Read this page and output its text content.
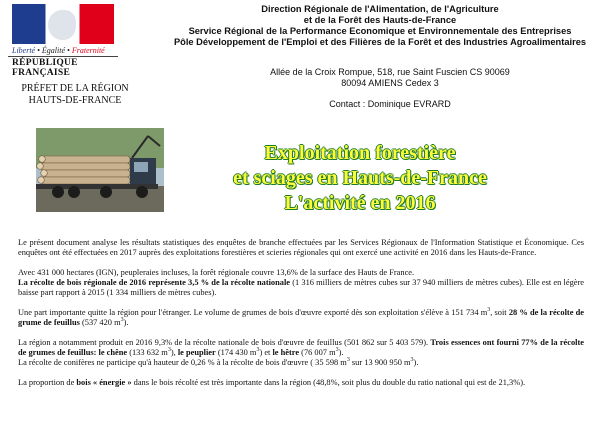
Liberté • Égalité • Fraternité
RÉPUBLIQUE FRANÇAISE
PRÉFET DE LA RÉGION
HAUTS-DE-FRANCE
Direction Régionale de l'Alimentation, de l'Agriculture
et de la Forêt des Hauts-de-France
Service Régional de la Performance Economique et Environnementale des Entreprises
Pôle Développement de l'Emploi et des Filières de la Forêt et des Industries Agroalimentaires
Allée de la Croix Rompue, 518, rue Saint Fuscien CS 90069
80094 AMIENS Cedex 3
Contact : Dominique EVRARD
Exploitation forestière
et sciages en Hauts-de-France
L'activité en 2016

Le présent document analyse les résultats statistiques des enquêtes de branche effectuées par les Services Régionaux de l'Information Statistique et Économique. Ces enquêtes ont été effectuées en 2017 auprès des exploitations forestières et scieries régionales qui ont exercé une activité en 2016 dans les Hauts-de-France.

Avec 431 000 hectares (IGN), peupleraies incluses, la forêt régionale couvre 13,6% de la surface des Hauts de France.
La récolte de bois régionale de 2016 représente 3,5 % de la récolte nationale (1 316 milliers de mètres cubes sur 37 940 milliers de mètres cubes). Elle est en légère baisse part rapport à 2015 (1 334 milliers de mètres cubes).

Une part importante quitte la région pour l'étranger. Le volume de grumes de bois d'œuvre exporté dès son exploitation s'élève à 151 734 $m^3$, soit 28 % de la récolte de grume de feuillus (537 420 $m^3$).

La région a notamment produit en 2016 9,3% de la récolte nationale de bois d'œuvre de feuillus (501 862 sur 5 403 579). Trois essences ont fourni 77% de la récolte de grumes de feuillus: le chêne (133 632 $m^3$), le peuplier (174 430 $m^3$) et le hêtre (76 007 $m^3$).

La récolte de conifères ne participe qu'à hauteur de 0,26 % à la récolte de bois d'œuvre ( 35 598 $m^3$ sur 13 900 950 $m^3$).

La proportion de bois « énergie » dans le bois récolté est très importante dans la région (48,8%, soit plus du double du ratio national qui est de 21,3%).
